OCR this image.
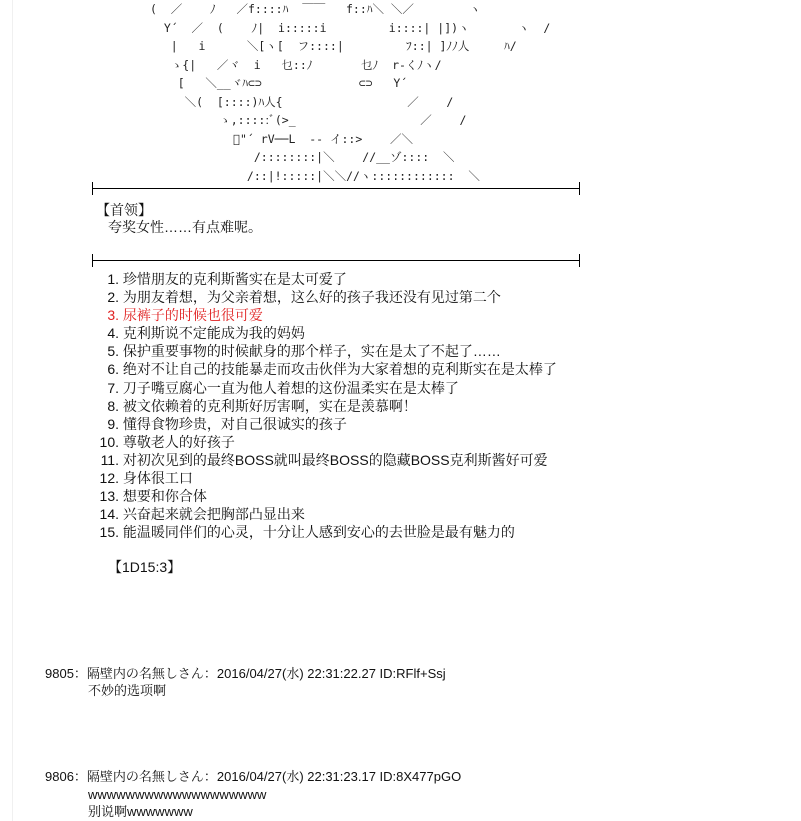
(  ／    ﾉ   ／f::::ﾊ  ￣￣   f::ﾊ＼ ＼／        ヽ
Y´  ／  (    ﾉ|  i:::::i         i::::| |])ヽ       ヽ  /
|   i      ＼[ヽ[  フ::::|         ﾌ::| ]ﾉﾉ人     ﾊ/
ゝ{|   ／ヾ  i   乜::ﾉ       乜ﾉ  r-くﾉヽ/
[   ＼__ヾﾊ⊂⊃              ⊂⊃   Y´
＼(  [::::)ﾊ人{                  ／    /
ゝ,:::::ﾞ(>_                  ／    /
ﾞ"´ rV──L  -- イ::>    ／＼
/::::::::|＼    //__ゾ::::  ＼
/::|!:::::|＼＼//ヽ::::::::::::  ＼
【首领】
夸奖女性……有点难呢。
1. 珍惜朋友的克利斯酱实在是太可爱了
2. 为朋友着想，为父亲着想，这么好的孩子我还没有见过第二个
3. 尿裤子的时候也很可爱
4. 克利斯说不定能成为我的妈妈
5. 保护重要事物的时候献身的那个样子，实在是太了不起了……
6. 绝对不让自己的技能暴走而攻击伙伴为大家着想的克利斯实在是太棒了
7. 刀子嘴豆腐心一直为他人着想的这份温柔实在是太棒了
8. 被文依赖着的克利斯好厉害啊，实在是羡慕啊！
9. 懂得食物珍贵，对自己很诚实的孩子
10. 尊敬老人的好孩子
11. 对初次见到的最终BOSS就叫最终BOSS的隐藏BOSS克利斯酱好可爱
12. 身体很工口
13. 想要和你合体
14. 兴奋起来就会把胸部凸显出来
15. 能温暖同伴们的心灵，十分让人感到安心的去世脸是最有魅力的
【1D15:3】
9805：隔壁内の名無しさん：2016/04/27(水) 22:31:22.27 ID:RFlf+Ssj
不妙的选项啊
9806：隔壁内の名無しさん：2016/04/27(水) 22:31:23.17 ID:8X477pGO
wwwwwwwwwwwwwwwwwww
别说啊wwwwwww
